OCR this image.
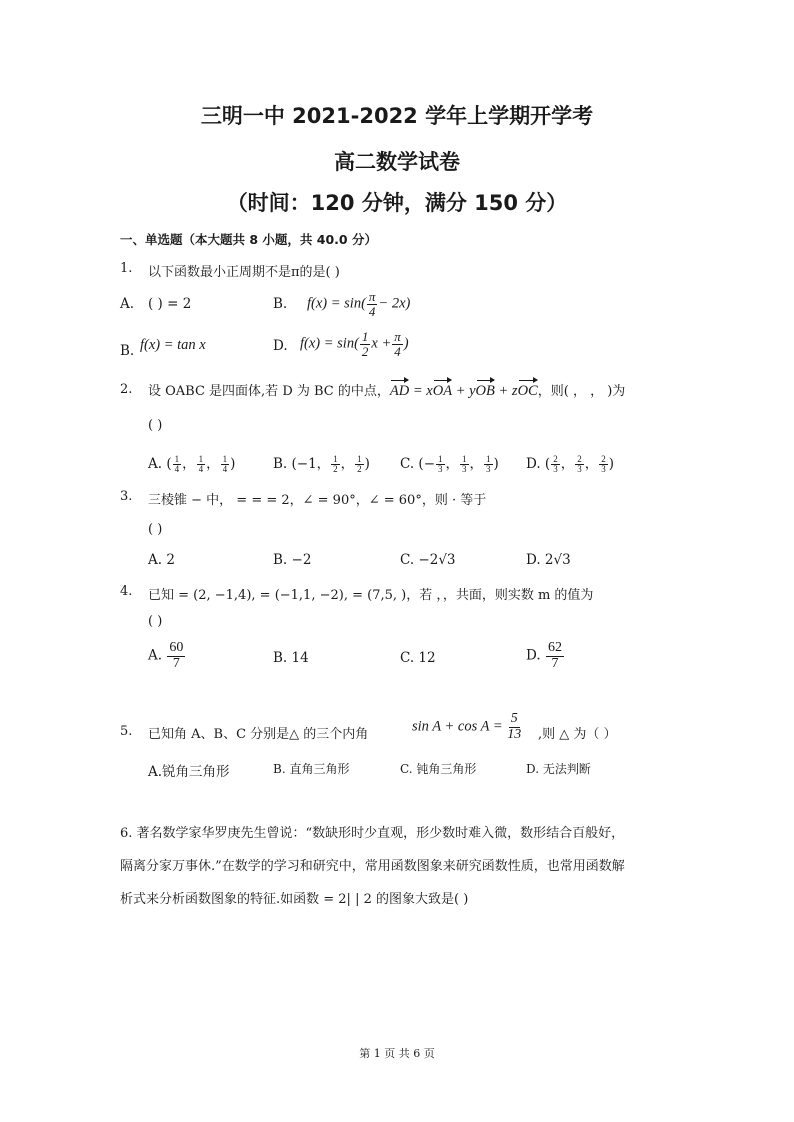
三明一中 2021-2022 学年上学期开学考
高二数学试卷
（时间：120 分钟，满分 150 分）
一、单选题（本大题共 8 小题，共 40.0 分）
1. 以下函数最小正周期不是π的是( )
A. ( ) = 2	B. $f(x) = \sin( \frac{\pi}{4} - 2x)$
B. f(x) = tan x	D. $f(x) = \sin( \frac{1}{2}$ $x + \frac{\pi}{4}$ )
2. 设 OABC 是四面体,若 D 为 BC 的中点，AD = xOA + yOB + zOC，则( ， ， )为
( )
A. ( $\frac{1}{4}$ ， $\frac{1}{4}$ ， $\frac{1}{4}$ )	B. (−1， $\frac{1}{2}$ ， $\frac{1}{2}$ ) C. (− $\frac{1}{3}$ ， $\frac{1}{3}$ ， $\frac{1}{3}$ ) D. ( $\frac{2}{3}$ ， $\frac{2}{3}$ ， $\frac{2}{3}$ )
3. 三棱锥 − 中， = = = 2，∠ = 90°，∠ = 60°，则 · 等于
( )
A. 2	B. −2	C. −2√3	D. 2√3
4. 已知 = (2, −1,4), = (−1,1, −2), = (7,5, )，若 ，，共面，则实数 m 的值为
( )
A. $\frac{60}{7}$	B. 14	C. 12	D. $\frac{62}{7}$
5. 已知角 A、B、C 分别是△ 的三个内角	$\sin A + \cos A = \frac{5}{13}$ ,则 △ 为（ ）
A.锐角三角形	B. 直角三角形	C. 钝角三角形	D. 无法判断
6. 著名数学家华罗庚先生曾说：“数缺形时少直观，形少数时难入微，数形结合百般好，
隔离分家万事休.”在数学的学习和研究中，常用函数图象来研究函数性质，也常用函数解
析式来分析函数图象的特征.如函数 = 2| | 2 的图象大致是( )
第 1 页 共 6 页
